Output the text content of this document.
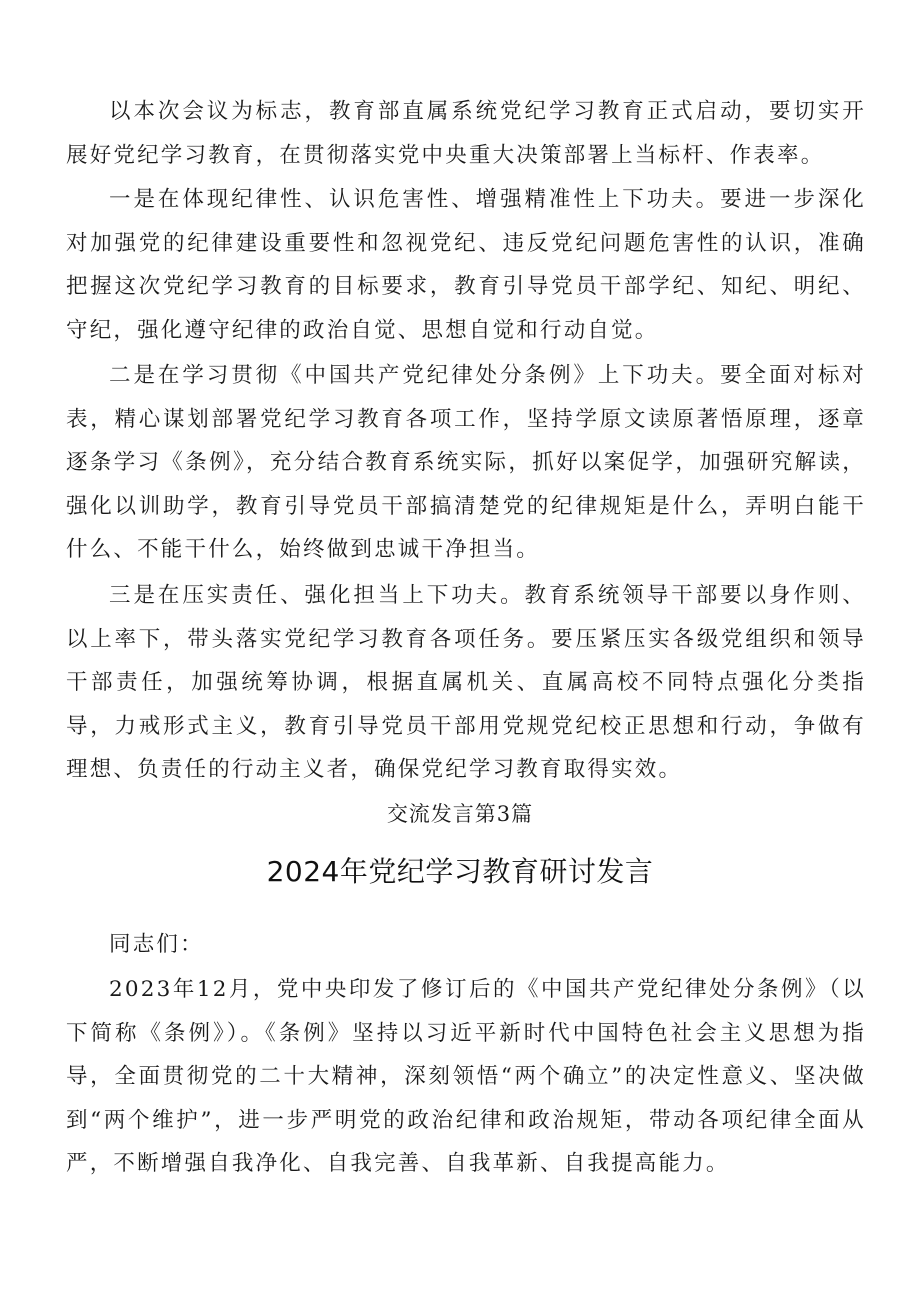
以本次会议为标志，教育部直属系统党纪学习教育正式启动，要切实开展好党纪学习教育，在贯彻落实党中央重大决策部署上当标杆、作表率。

一是在体现纪律性、认识危害性、增强精准性上下功夫。要进一步深化对加强党的纪律建设重要性和忽视党纪、违反党纪问题危害性的认识，准确把握这次党纪学习教育的目标要求，教育引导党员干部学纪、知纪、明纪、守纪，强化遵守纪律的政治自觉、思想自觉和行动自觉。

二是在学习贯彻《中国共产党纪律处分条例》上下功夫。要全面对标对表，精心谋划部署党纪学习教育各项工作，坚持学原文读原著悟原理，逐章逐条学习《条例》，充分结合教育系统实际，抓好以案促学，加强研究解读，强化以训助学，教育引导党员干部搞清楚党的纪律规矩是什么，弄明白能干什么、不能干什么，始终做到忠诚干净担当。

三是在压实责任、强化担当上下功夫。教育系统领导干部要以身作则、以上率下，带头落实党纪学习教育各项任务。要压紧压实各级党组织和领导干部责任，加强统筹协调，根据直属机关、直属高校不同特点强化分类指导，力戒形式主义，教育引导党员干部用党规党纪校正思想和行动，争做有理想、负责任的行动主义者，确保党纪学习教育取得实效。

交流发言第3篇
2024年党纪学习教育研讨发言

同志们：

2023年12月，党中央印发了修订后的《中国共产党纪律处分条例》（以下简称《条例》）。《条例》坚持以习近平新时代中国特色社会主义思想为指导，全面贯彻党的二十大精神，深刻领悟“两个确立”的决定性意义、坚决做到“两个维护”，进一步严明党的政治纪律和政治规矩，带动各项纪律全面从严，不断增强自我净化、自我完善、自我革新、自我提高能力。
